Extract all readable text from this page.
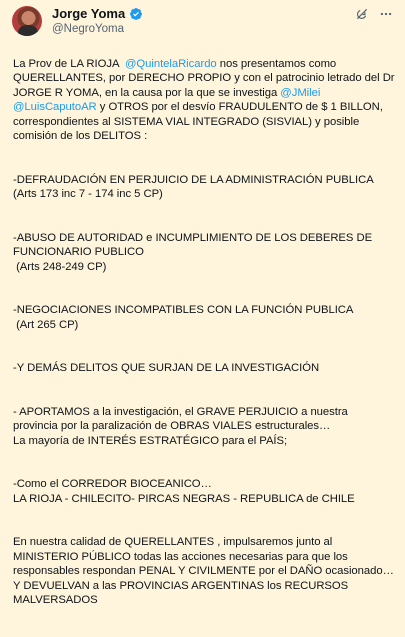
Jorge Yoma
@NegroYoma

La Prov de LA RIOJA  @QuintelaRicardo nos presentamos como QUERELLANTES, por DERECHO PROPIO y con el patrocinio letrado del Dr JORGE R YOMA, en la causa por la que se investiga @JMilei @LuisCaputoAR y OTROS por el desvío FRAUDULENTO de $ 1 BILLON, correspondientes al SISTEMA VIAL INTEGRADO (SISVIAL) y posible comisión de los DELITOS :

-DEFRAUDACIÓN EN PERJUICIO DE LA ADMINISTRACIÓN PUBLICA
(Arts 173 inc 7 - 174 inc 5 CP)

-ABUSO DE AUTORIDAD e INCUMPLIMIENTO DE LOS DEBERES DE FUNCIONARIO PUBLICO
(Arts 248-249 CP)

-NEGOCIACIONES INCOMPATIBLES CON LA FUNCIÓN PUBLICA
(Art 265 CP)

-Y DEMÁS DELITOS QUE SURJAN DE LA INVESTIGACIÓN

- APORTAMOS a la investigación, el GRAVE PERJUICIO a nuestra provincia por la paralización de OBRAS VIALES estructurales…
La mayoría de INTERÉS ESTRATÉGICO para el PAÍS;

-Como el CORREDOR BIOCEANICO…
LA RIOJA - CHILECITO- PIRCAS NEGRAS - REPUBLICA de CHILE

En nuestra calidad de QUERELLANTES , impulsaremos junto al MINISTERIO PÚBLICO todas las acciones necesarias para que los responsables respondan PENAL Y CIVILMENTE por el DAÑO ocasionado…
Y DEVUELVAN a las PROVINCIAS ARGENTINAS los RECURSOS MALVERSADOS
